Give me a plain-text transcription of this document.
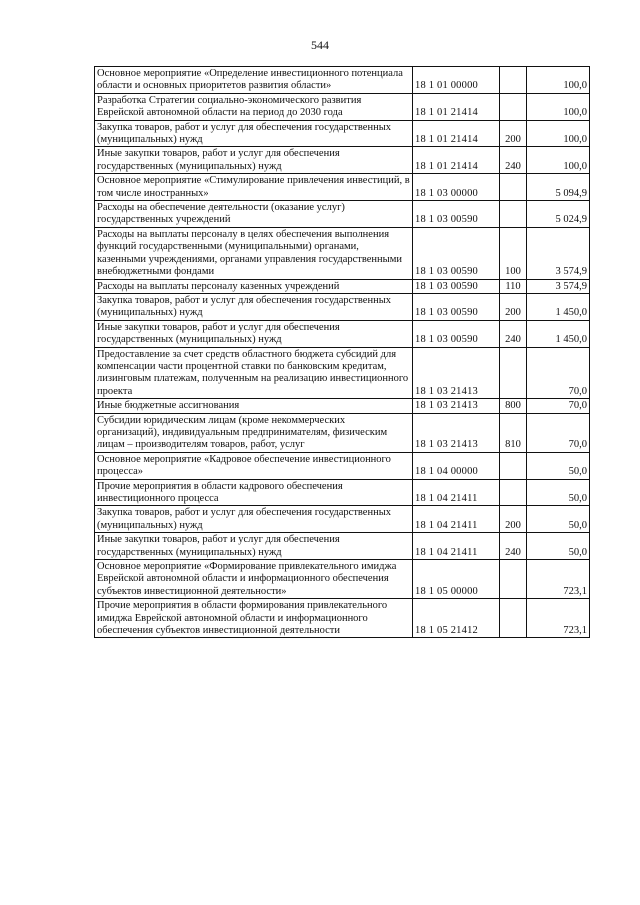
544
Основное мероприятие «Определение инвестиционного потенциала области и основных приоритетов развития области»	18 1 01 00000		100,0
Разработка Стратегии социально-экономического развития Еврейской автономной области на период до 2030 года	18 1 01 21414		100,0
Закупка товаров, работ и услуг для обеспечения государственных (муниципальных) нужд	18 1 01 21414	200	100,0
Иные закупки товаров, работ и услуг для обеспечения государственных (муниципальных) нужд	18 1 01 21414	240	100,0
Основное мероприятие «Стимулирование привлечения инвестиций, в том числе иностранных»	18 1 03 00000		5 094,9
Расходы на обеспечение деятельности (оказание услуг) государственных учреждений	18 1 03 00590		5 024,9
Расходы на выплаты персоналу в целях обеспечения выполнения функций государственными (муниципальными) органами, казенными учреждениями, органами управления государственными внебюджетными фондами	18 1 03 00590	100	3 574,9
Расходы на выплаты персоналу казенных учреждений	18 1 03 00590	110	3 574,9
Закупка товаров, работ и услуг для обеспечения государственных (муниципальных) нужд	18 1 03 00590	200	1 450,0
Иные закупки товаров, работ и услуг для обеспечения государственных (муниципальных) нужд	18 1 03 00590	240	1 450,0
Предоставление за счет средств областного бюджета субсидий для компенсации части процентной ставки по банковским кредитам, лизинговым платежам, полученным на реализацию инвестиционного проекта	18 1 03 21413		70,0
Иные бюджетные ассигнования	18 1 03 21413	800	70,0
Субсидии юридическим лицам (кроме некоммерческих организаций), индивидуальным предпринимателям, физическим лицам – производителям товаров, работ, услуг	18 1 03 21413	810	70,0
Основное мероприятие «Кадровое обеспечение инвестиционного процесса»	18 1 04 00000		50,0
Прочие мероприятия в области кадрового обеспечения инвестиционного процесса	18 1 04 21411		50,0
Закупка товаров, работ и услуг для обеспечения государственных (муниципальных) нужд	18 1 04 21411	200	50,0
Иные закупки товаров, работ и услуг для обеспечения государственных (муниципальных) нужд	18 1 04 21411	240	50,0
Основное мероприятие «Формирование привлекательного имиджа Еврейской автономной области и информационного обеспечения субъектов инвестиционной деятельности»	18 1 05 00000		723,1
Прочие мероприятия в области формирования привлекательного имиджа Еврейской автономной области и информационного обеспечения субъектов инвестиционной деятельности	18 1 05 21412		723,1
